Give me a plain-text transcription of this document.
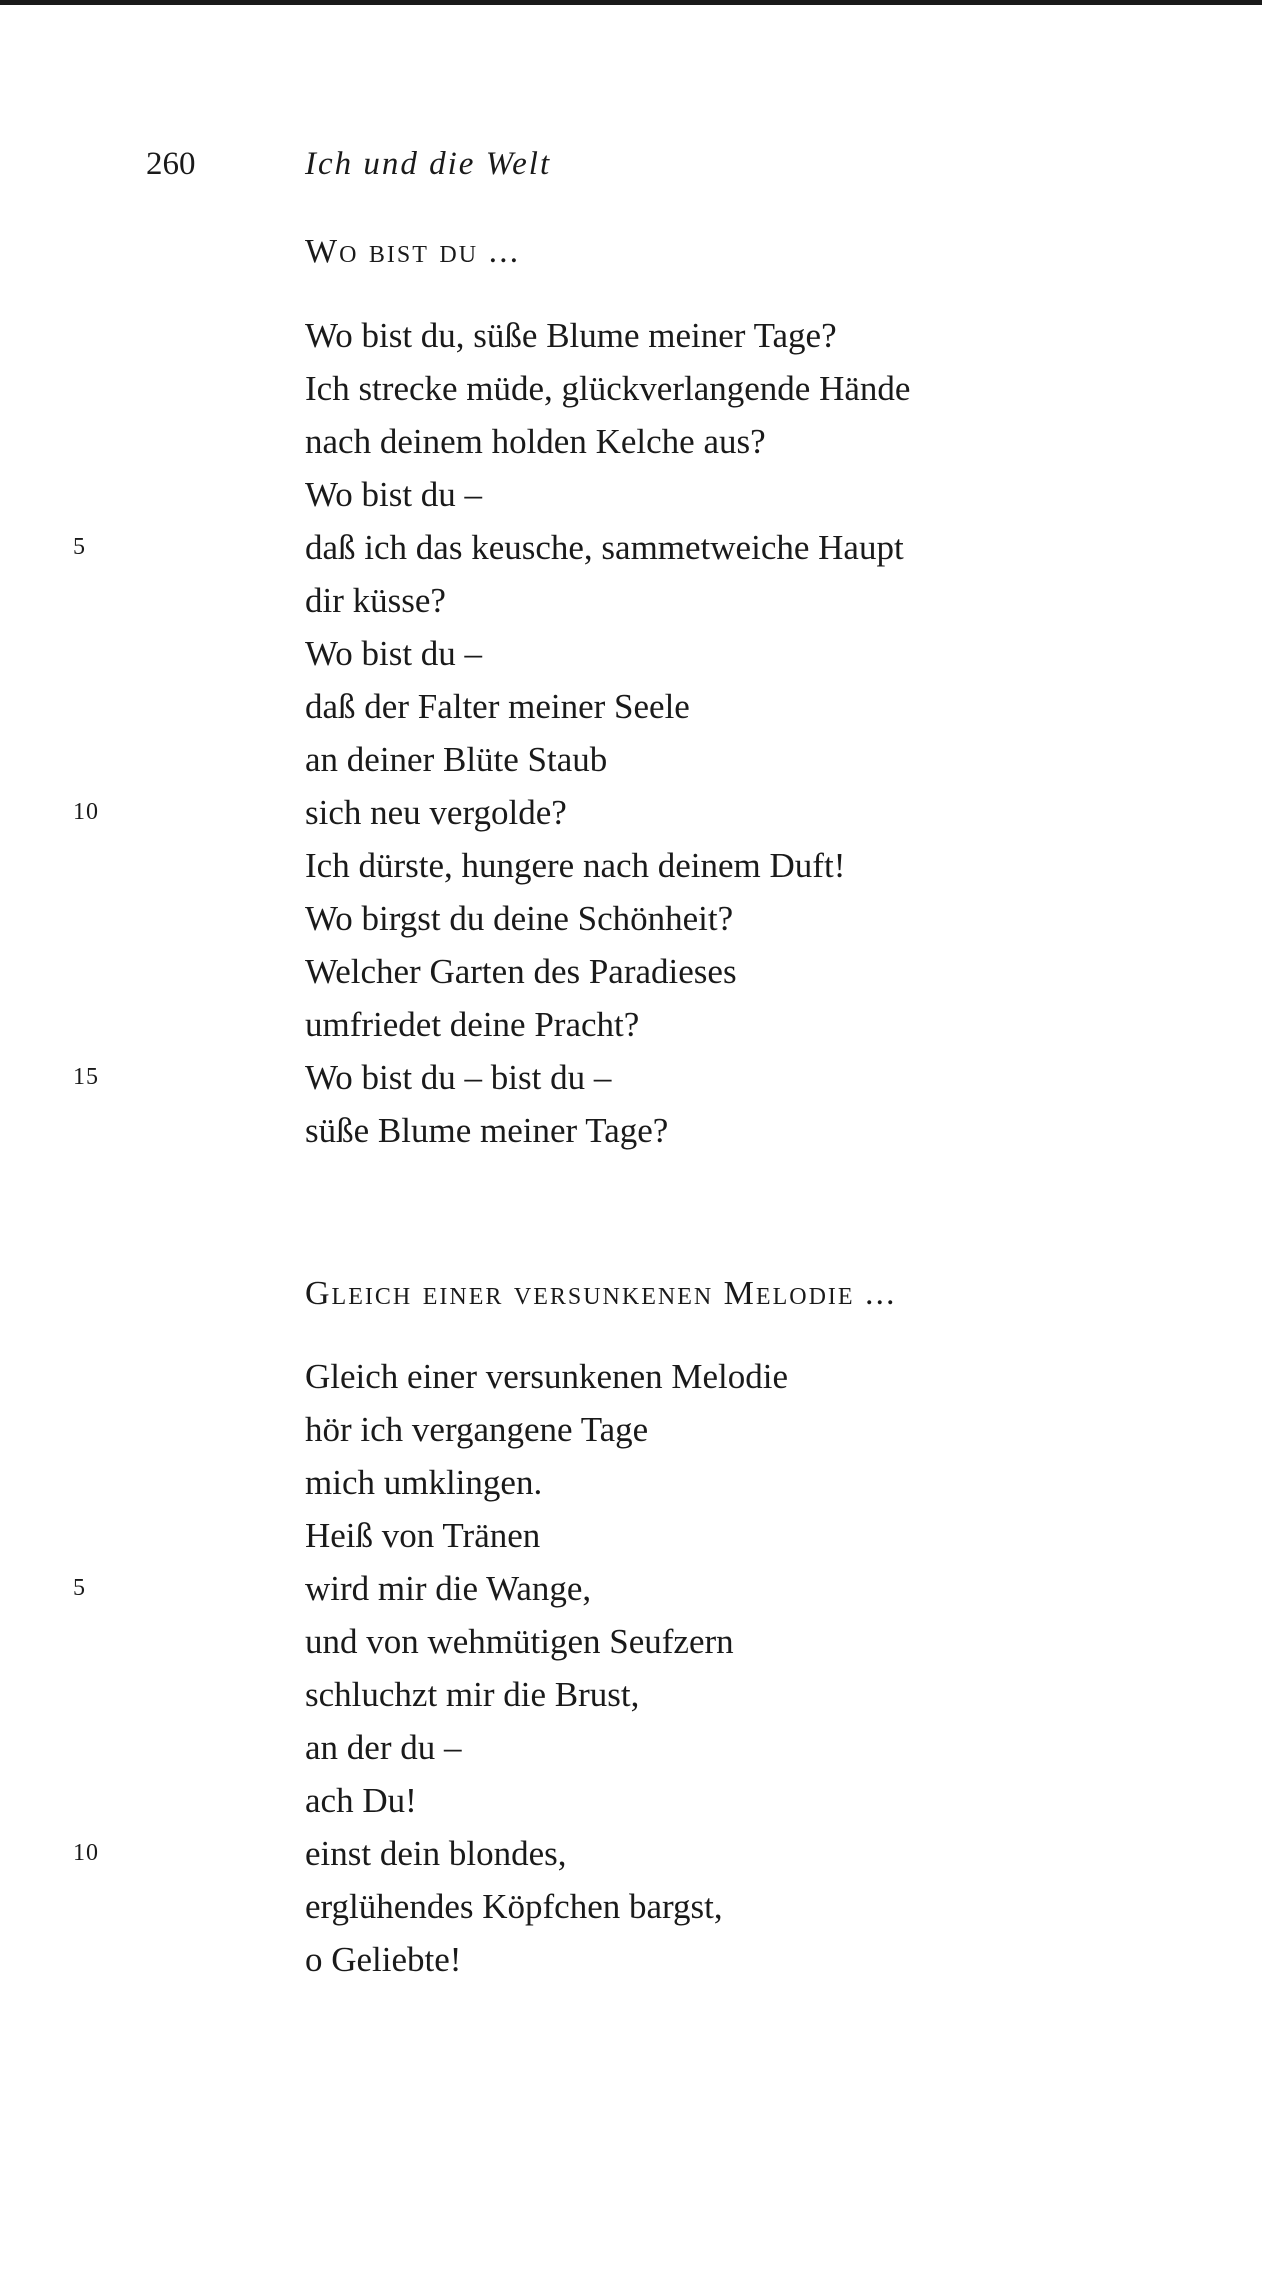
260	Ich und die Welt
Wo bist du ...
Wo bist du, süße Blume meiner Tage?
Ich strecke müde, glückverlangende Hände
nach deinem holden Kelche aus?
Wo bist du –
5	daß ich das keusche, sammetweiche Haupt
dir küsse?
Wo bist du –
daß der Falter meiner Seele
an deiner Blüte Staub
10	sich neu vergolde?
Ich dürste, hungere nach deinem Duft!
Wo birgst du deine Schönheit?
Welcher Garten des Paradieses
umfriedet deine Pracht?
15	Wo bist du – bist du –
süße Blume meiner Tage?
Gleich einer versunkenen Melodie ...
Gleich einer versunkenen Melodie
hör ich vergangene Tage
mich umklingen.
Heiß von Tränen
5	wird mir die Wange,
und von wehmütigen Seufzern
schluchzt mir die Brust,
an der du –
ach Du!
10	einst dein blondes,
erglühendes Köpfchen bargst,
o Geliebte!
